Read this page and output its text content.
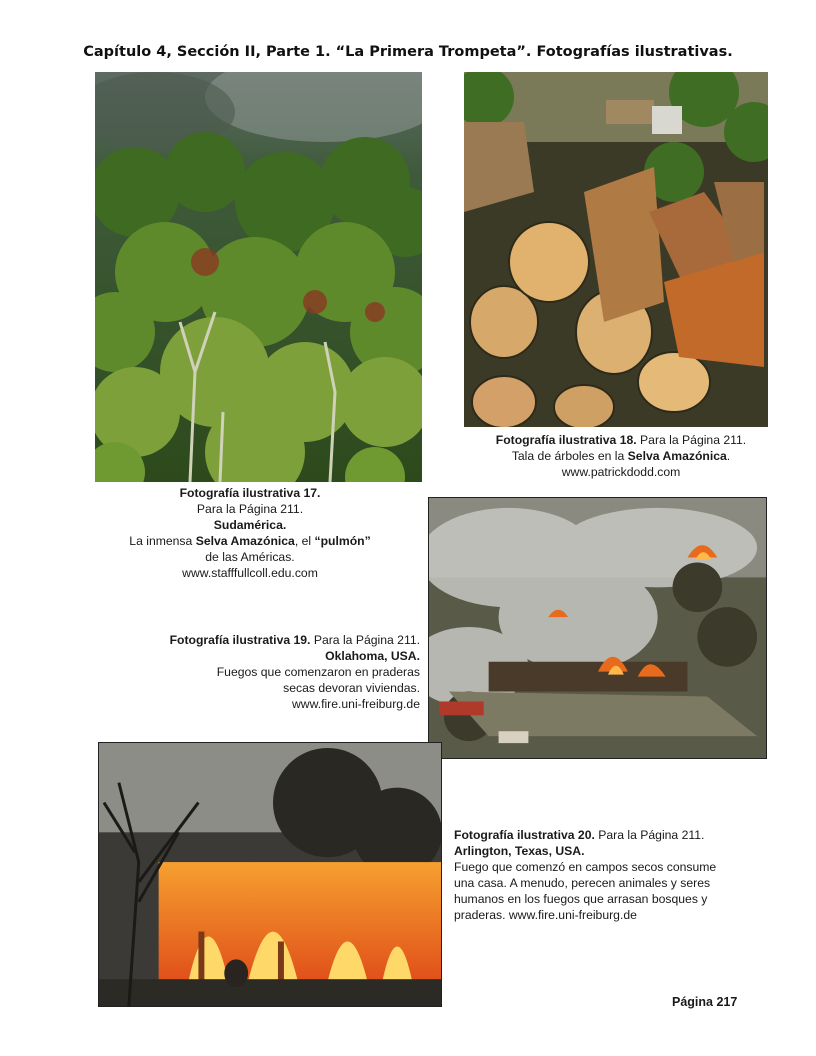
Capítulo 4, Sección II, Parte 1. “La Primera Trompeta”. Fotografías ilustrativas.
Fotografía ilustrativa 17.
Para la Página 211.
Sudamérica.
La inmensa Selva Amazónica, el “pulmón”
de las Américas.
www.stafffullcoll.edu.com
Fotografía ilustrativa 18. Para la Página 211.
Tala de árboles en la Selva Amazónica.
www.patrickdodd.com
Fotografía ilustrativa 19. Para la Página 211.
Oklahoma, USA.
Fuegos que comenzaron en praderas
secas devoran viviendas.
www.fire.uni-freiburg.de
Fotografía ilustrativa 20. Para la Página 211.
Arlington, Texas, USA.
Fuego que comenzó en campos secos consume
una casa. A menudo, perecen animales y seres
humanos en los fuegos que arrasan bosques y
praderas. www.fire.uni-freiburg.de
Página 217
